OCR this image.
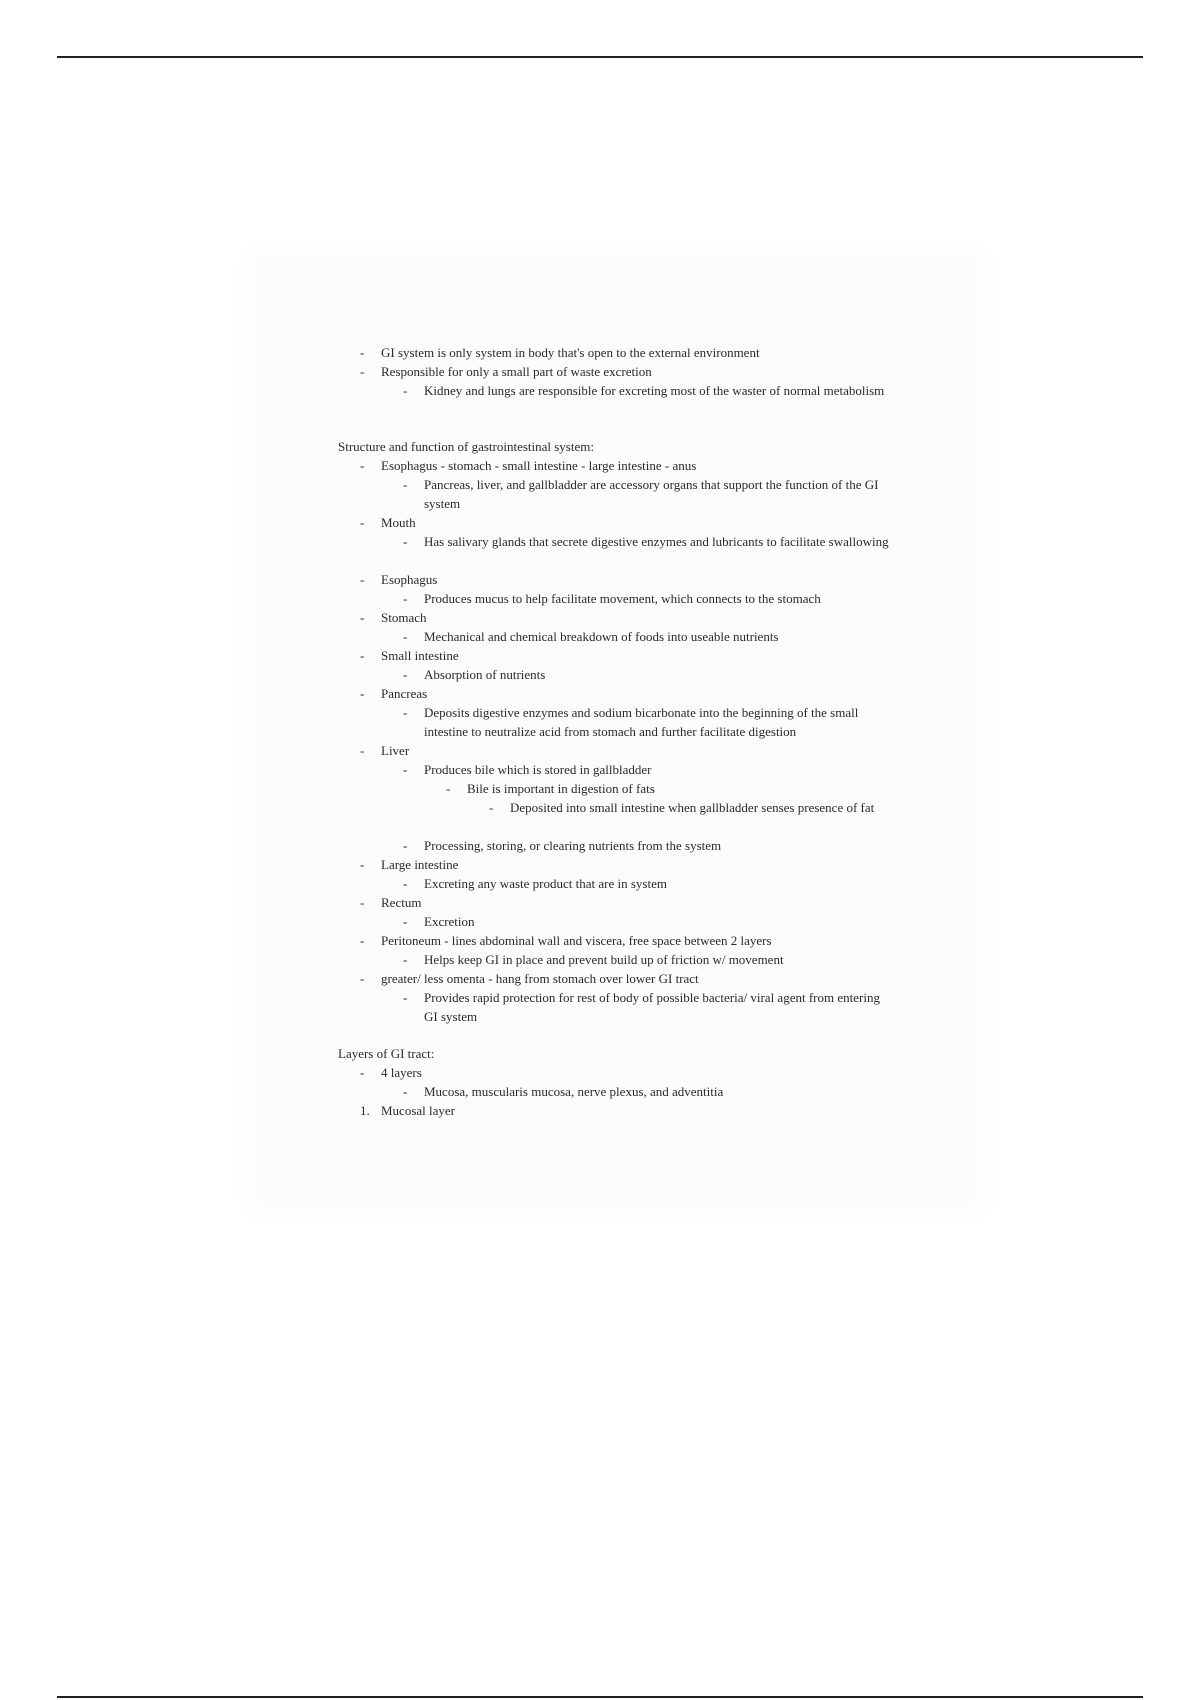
- GI system is only system in body that's open to the external environment
- Responsible for only a small part of waste excretion
- Kidney and lungs are responsible for excreting most of the waster of normal metabolism
Structure and function of gastrointestinal system:
- Esophagus - stomach - small intestine - large intestine - anus
- Pancreas, liver, and gallbladder are accessory organs that support the function of the GI system
- Mouth
- Has salivary glands that secrete digestive enzymes and lubricants to facilitate swallowing
- Esophagus
- Produces mucus to help facilitate movement, which connects to the stomach
- Stomach
- Mechanical and chemical breakdown of foods into useable nutrients
- Small intestine
- Absorption of nutrients
- Pancreas
- Deposits digestive enzymes and sodium bicarbonate into the beginning of the small intestine to neutralize acid from stomach and further facilitate digestion
- Liver
- Produces bile which is stored in gallbladder
- Bile is important in digestion of fats
- Deposited into small intestine when gallbladder senses presence of fat
- Processing, storing, or clearing nutrients from the system
- Large intestine
- Excreting any waste product that are in system
- Rectum
- Excretion
- Peritoneum - lines abdominal wall and viscera, free space between 2 layers
- Helps keep GI in place and prevent build up of friction w/ movement
- greater/ less omenta - hang from stomach over lower GI tract
- Provides rapid protection for rest of body of possible bacteria/ viral agent from entering GI system
Layers of GI tract:
- 4 layers
- Mucosa, muscularis mucosa, nerve plexus, and adventitia
1. Mucosal layer
